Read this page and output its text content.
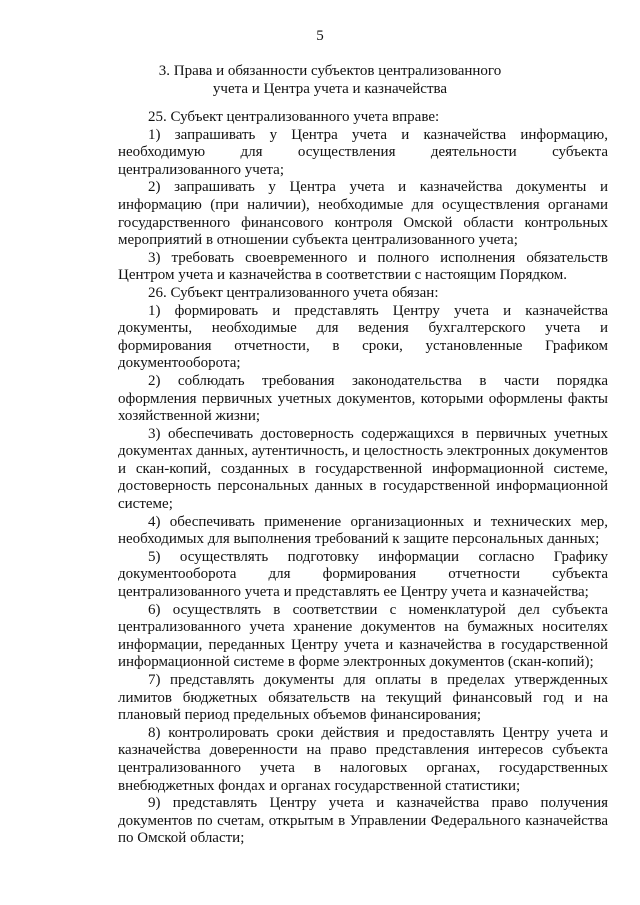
5
3. Права и обязанности субъектов централизованного
учета и Центра учета и казначейства

25. Субъект централизованного учета вправе:

1) запрашивать у Центра учета и казначейства информацию, необходимую для осуществления деятельности субъекта централизованного учета;

2) запрашивать у Центра учета и казначейства документы и информацию (при наличии), необходимые для осуществления органами государственного финансового контроля Омской области контрольных мероприятий в отношении субъекта централизованного учета;

3) требовать своевременного и полного исполнения обязательств Центром учета и казначейства в соответствии с настоящим Порядком.

26. Субъект централизованного учета обязан:

1) формировать и представлять Центру учета и казначейства документы, необходимые для ведения бухгалтерского учета и формирования отчетности, в сроки, установленные Графиком документооборота;

2) соблюдать требования законодательства в части порядка оформления первичных учетных документов, которыми оформлены факты хозяйственной жизни;

3) обеспечивать достоверность содержащихся в первичных учетных документах данных, аутентичность, и целостность электронных документов и скан-копий, созданных в государственной информационной системе, достоверность персональных данных в государственной информационной системе;

4) обеспечивать применение организационных и технических мер, необходимых для выполнения требований к защите персональных данных;

5) осуществлять подготовку информации согласно Графику документооборота для формирования отчетности субъекта централизованного учета и представлять ее Центру учета и казначейства;

6) осуществлять в соответствии с номенклатурой дел субъекта централизованного учета хранение документов на бумажных носителях информации, переданных Центру учета и казначейства в государственной информационной системе в форме электронных документов (скан-копий);

7) представлять документы для оплаты в пределах утвержденных лимитов бюджетных обязательств на текущий финансовый год и на плановый период предельных объемов финансирования;

8) контролировать сроки действия и предоставлять Центру учета и казначейства доверенности на право представления интересов субъекта централизованного учета в налоговых органах, государственных внебюджетных фондах и органах государственной статистики;

9) представлять Центру учета и казначейства право получения документов по счетам, открытым в Управлении Федерального казначейства по Омской области;
